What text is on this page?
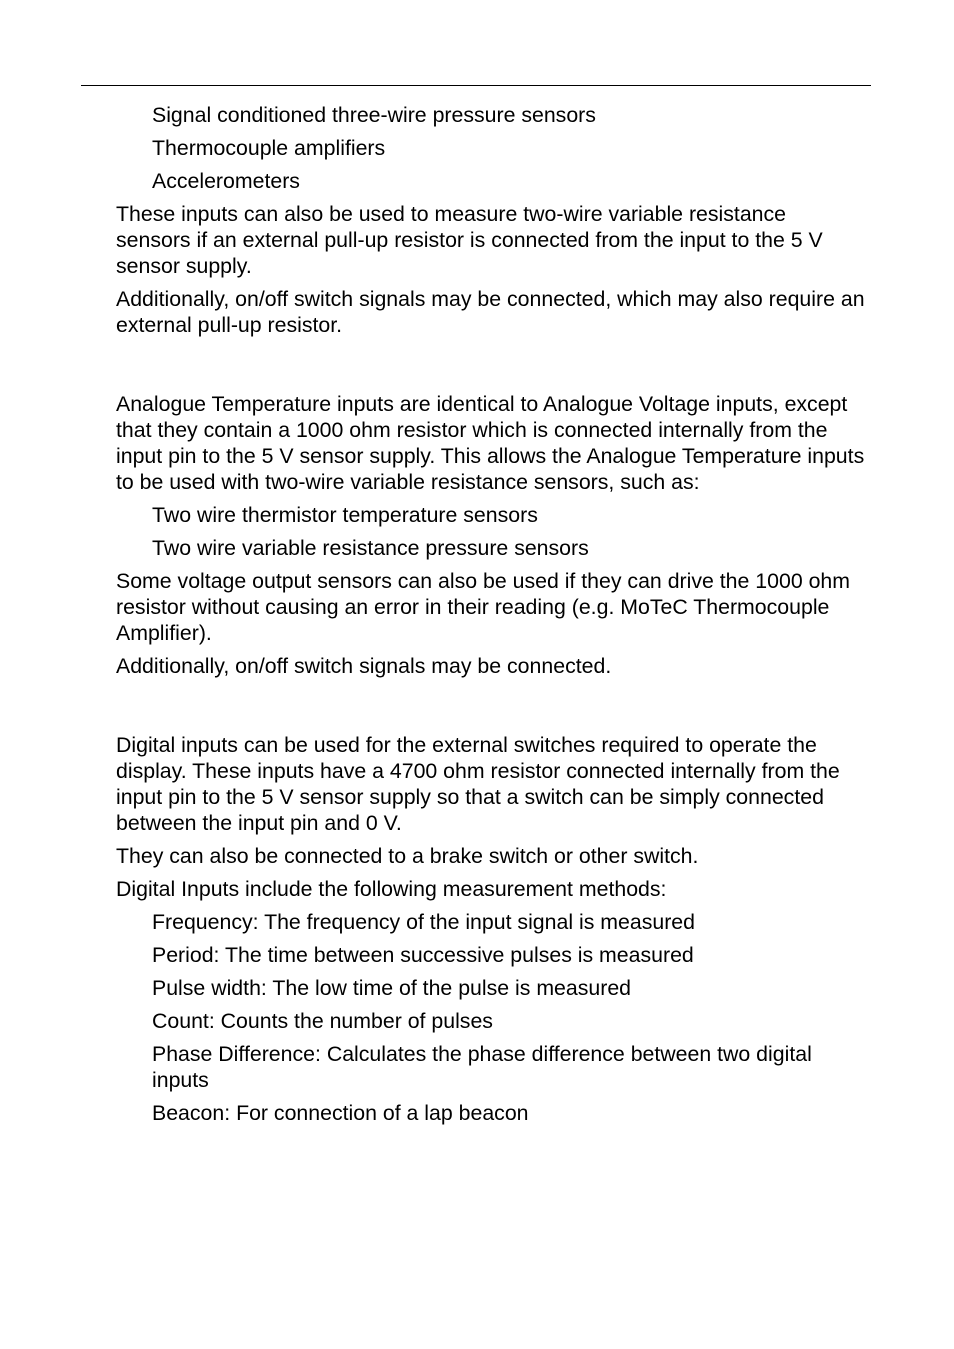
Signal conditioned three-wire pressure sensors
Thermocouple amplifiers
Accelerometers
These inputs can also be used to measure two-wire variable resistance sensors if an external pull-up resistor is connected from the input to the 5 V sensor supply.
Additionally, on/off switch signals may be connected, which may also require an external pull-up resistor.
Analogue Temperature inputs are identical to Analogue Voltage inputs, except that they contain a 1000 ohm resistor which is connected internally from the input pin to the 5 V sensor supply. This allows the Analogue Temperature inputs to be used with two-wire variable resistance sensors, such as:
Two wire thermistor temperature sensors
Two wire variable resistance pressure sensors
Some voltage output sensors can also be used if they can drive the 1000 ohm resistor without causing an error in their reading (e.g. MoTeC Thermocouple Amplifier).
Additionally, on/off switch signals may be connected.
Digital inputs can be used for the external switches required to operate the display. These inputs have a 4700 ohm resistor connected internally from the input pin to the 5 V sensor supply so that a switch can be simply connected between the input pin and 0 V.
They can also be connected to a brake switch or other switch.
Digital Inputs include the following measurement methods:
Frequency: The frequency of the input signal is measured
Period: The time between successive pulses is measured
Pulse width: The low time of the pulse is measured
Count: Counts the number of pulses
Phase Difference: Calculates the phase difference between two digital inputs
Beacon: For connection of a lap beacon
